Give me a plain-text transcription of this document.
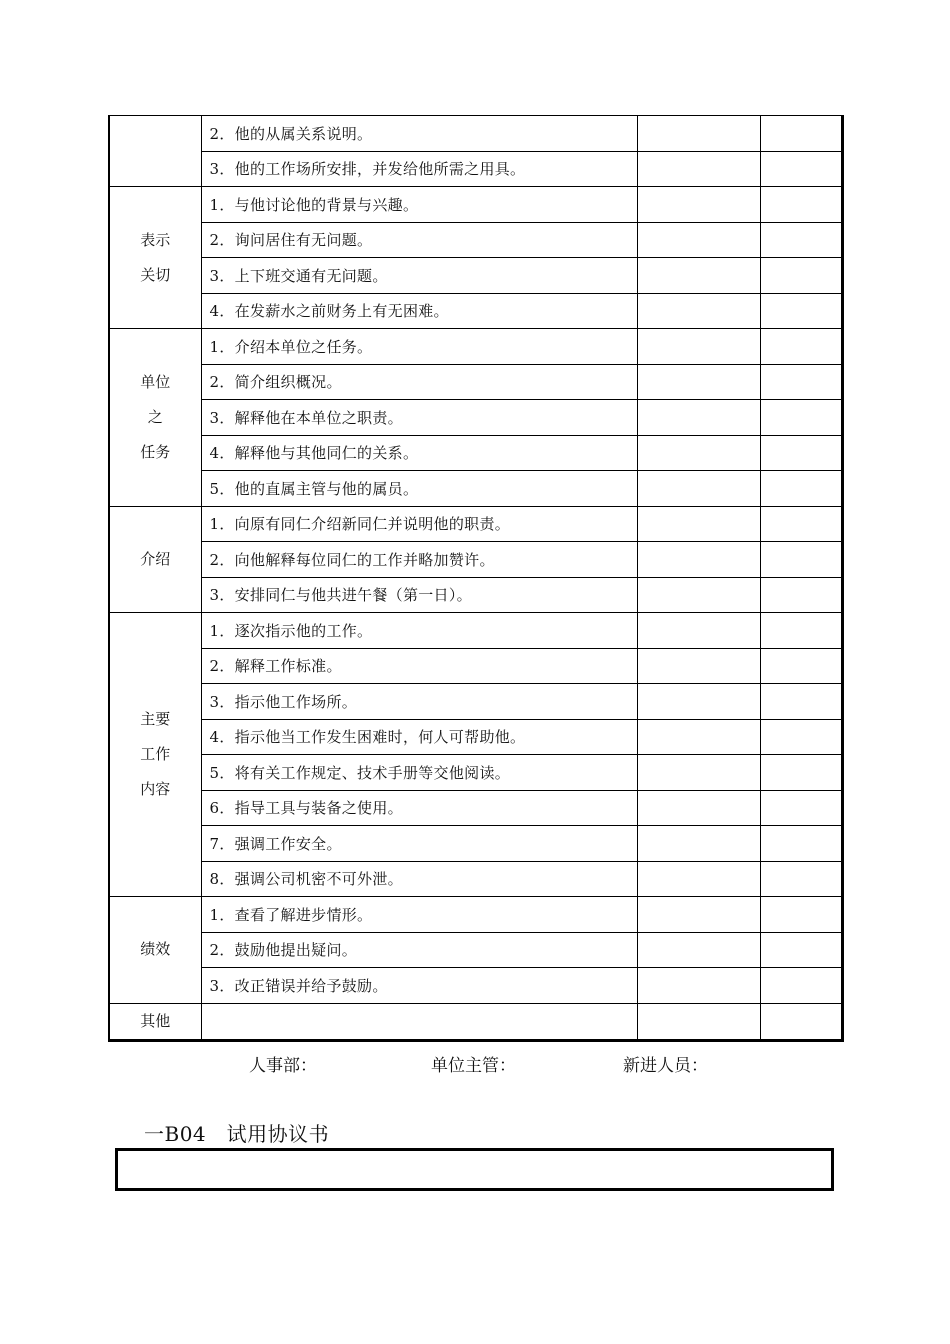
	2．他的从属关系说明。		
	3．他的工作场所安排，并发给他所需之用具。		

表示
关切	1．与他讨论他的背景与兴趣。		
	2．询问居住有无问题。		
	3．上下班交通有无问题。		
	4．在发薪水之前财务上有无困难。		

单位
之
任务	1．介绍本单位之任务。		
	2．简介组织概况。		
	3．解释他在本单位之职责。		
	4．解释他与其他同仁的关系。		
	5．他的直属主管与他的属员。		

介绍	1．向原有同仁介绍新同仁并说明他的职责。		
	2．向他解释每位同仁的工作并略加赞许。		
	3．安排同仁与他共进午餐（第一日）。		

主要
工作
内容	1．逐次指示他的工作。		
	2．解释工作标准。		
	3．指示他工作场所。		
	4．指示他当工作发生困难时，何人可帮助他。		
	5．将有关工作规定、技术手册等交他阅读。		
	6．指导工具与装备之使用。		
	7．强调工作安全。		
	8．强调公司机密不可外泄。		

绩效	1．查看了解进步情形。		
	2．鼓励他提出疑问。		
	3．改正错误并给予鼓励。		

其他			

人事部：	单位主管：	新进人员：
一B04　试用协议书
